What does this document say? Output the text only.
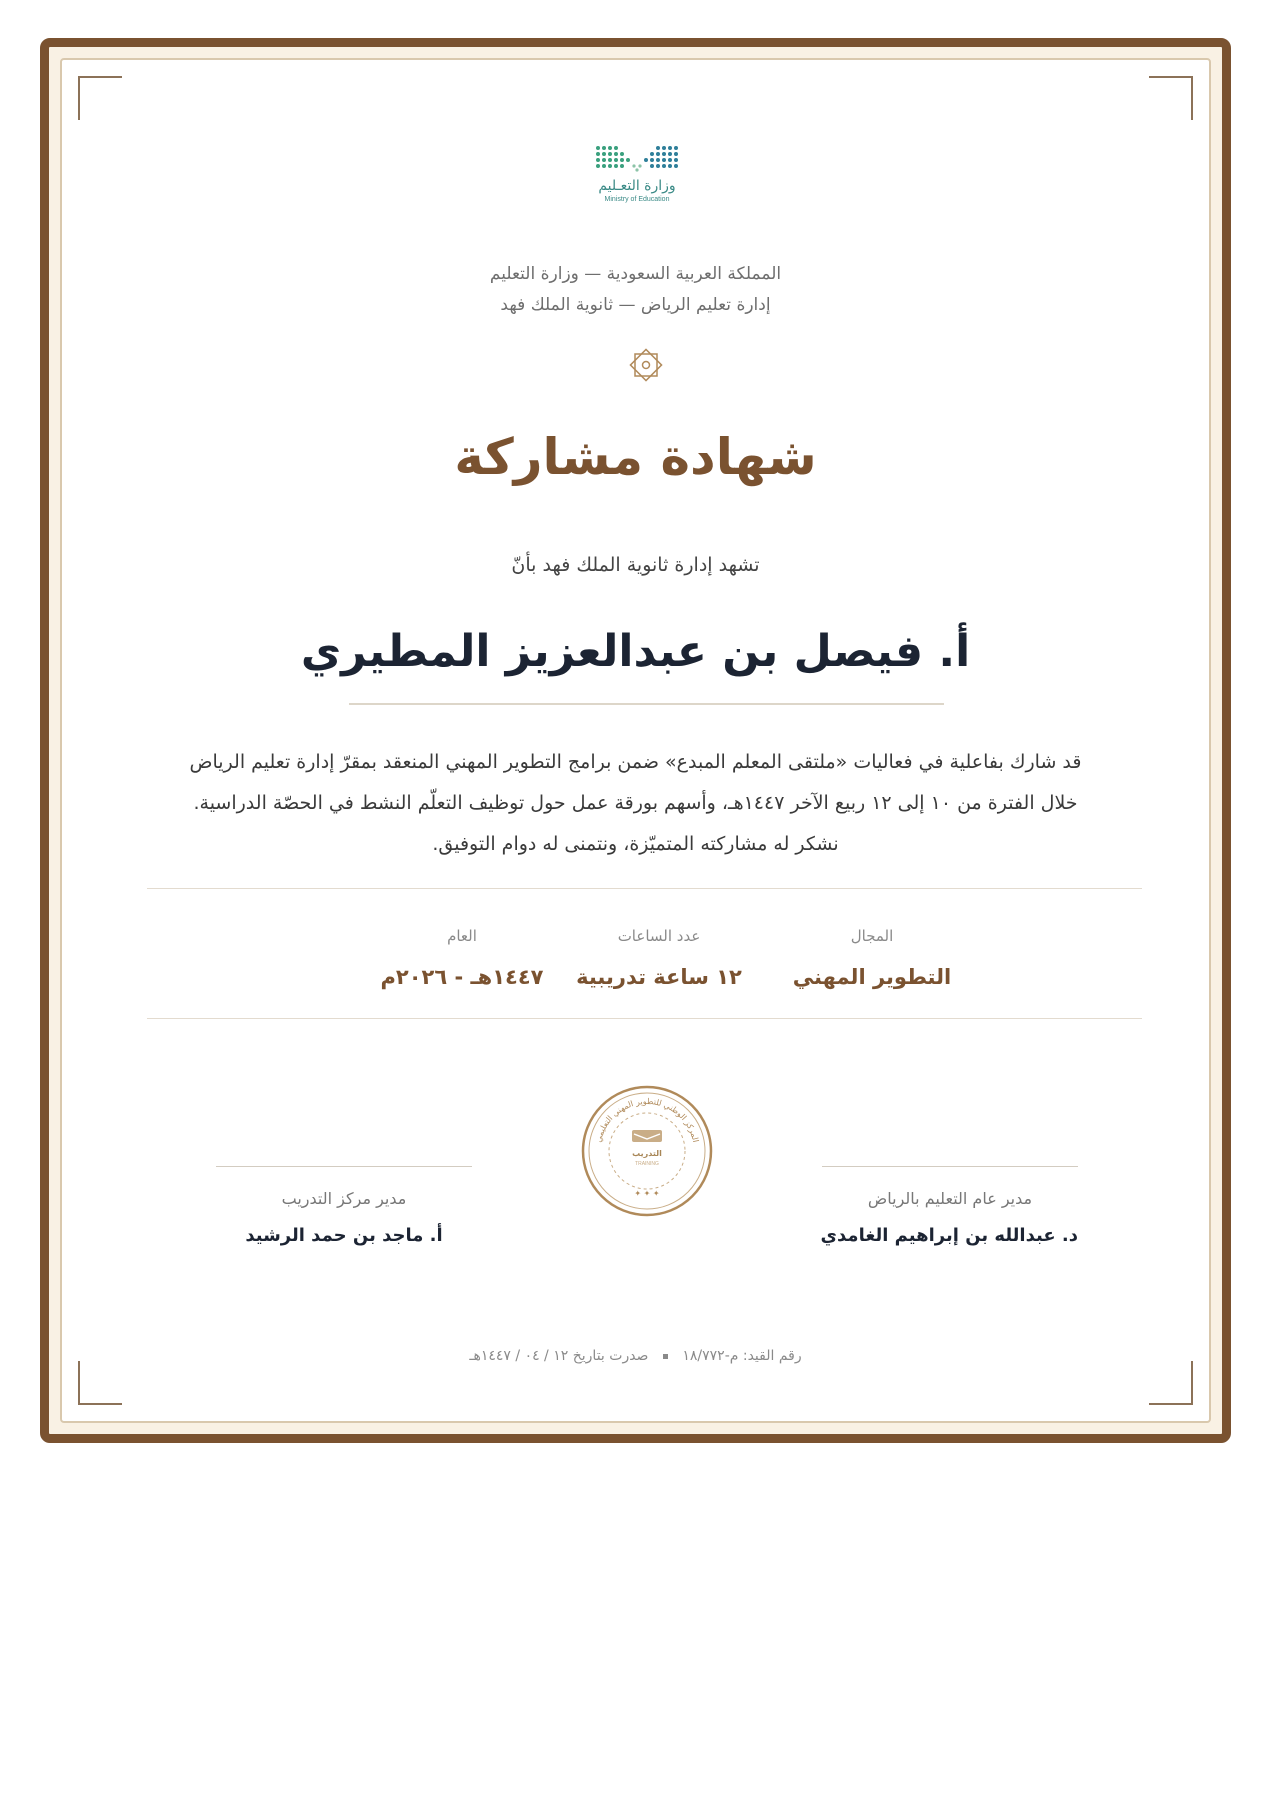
وزارة التعـليم
Ministry of Education
المملكة العربية السعودية — وزارة التعليم
إدارة تعليم الرياض — ثانوية الملك فهد
شهادة مشاركة
تشهد إدارة ثانوية الملك فهد بأنّ
أ. فيصل بن عبدالعزيز المطيري
قد شارك بفاعلية في فعاليات «ملتقى المعلم المبدع» ضمن برامج التطوير المهني المنعقد بمقرّ إدارة تعليم الرياض خلال الفترة من ١٠ إلى ١٢ ربيع الآخر ١٤٤٧هـ، وأسهم بورقة عمل حول توظيف التعلّم النشط في الحصّة الدراسية. نشكر له مشاركته المتميّزة، ونتمنى له دوام التوفيق.
المجال
التطوير المهني
عدد الساعات
١٢ ساعة تدريبية
العام
١٤٤٧هـ - ٢٠٢٦م
المركز الوطني للتطوير المهني التعليمي
التدريب
TRAINING
✦ ✦ ✦	مدير عام التعليم بالرياض
د. عبدالله بن إبراهيم الغامدي
مدير مركز التدريب
أ. ماجد بن حمد الرشيد
رقم القيد: م-١٨/٧٧٢  صدرت بتاريخ ١٢ / ٠٤ / ١٤٤٧هـ
